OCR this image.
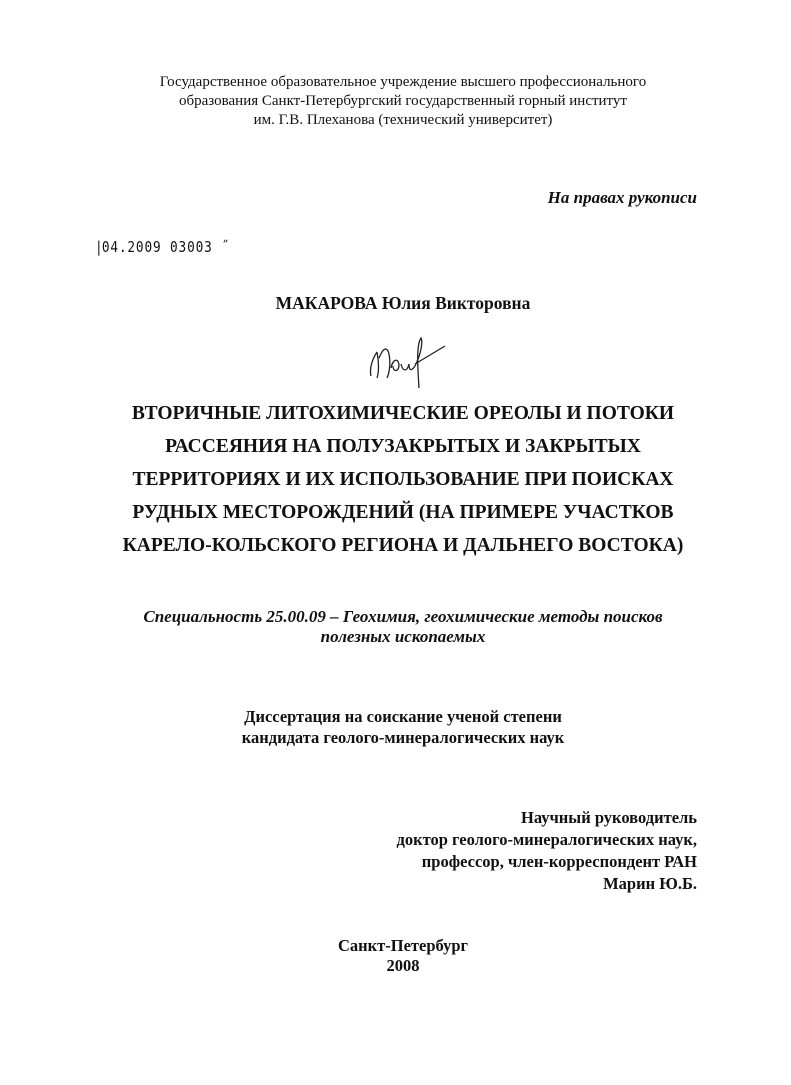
Государственное образовательное учреждение высшего профессионального
образования Санкт-Петербургский государственный горный институт
им. Г.В. Плеханова (технический университет)
На правах рукописи
|04.2009 03003 ˝
МАКАРОВА Юлия Викторовна
ВТОРИЧНЫЕ ЛИТОХИМИЧЕСКИЕ ОРЕОЛЫ И ПОТОКИ
РАССЕЯНИЯ НА ПОЛУЗАКРЫТЫХ И ЗАКРЫТЫХ
ТЕРРИТОРИЯХ И ИХ ИСПОЛЬЗОВАНИЕ ПРИ ПОИСКАХ
РУДНЫХ МЕСТОРОЖДЕНИЙ (НА ПРИМЕРЕ УЧАСТКОВ
КАРЕЛО-КОЛЬСКОГО РЕГИОНА И ДАЛЬНЕГО ВОСТОКА)
Специальность 25.00.09 – Геохимия, геохимические методы поисков
полезных ископаемых
Диссертация на соискание ученой степени
кандидата геолого-минералогических наук
Научный руководитель
доктор геолого-минералогических наук,
профессор, член-корреспондент РАН
Марин Ю.Б.
Санкт-Петербург
2008
